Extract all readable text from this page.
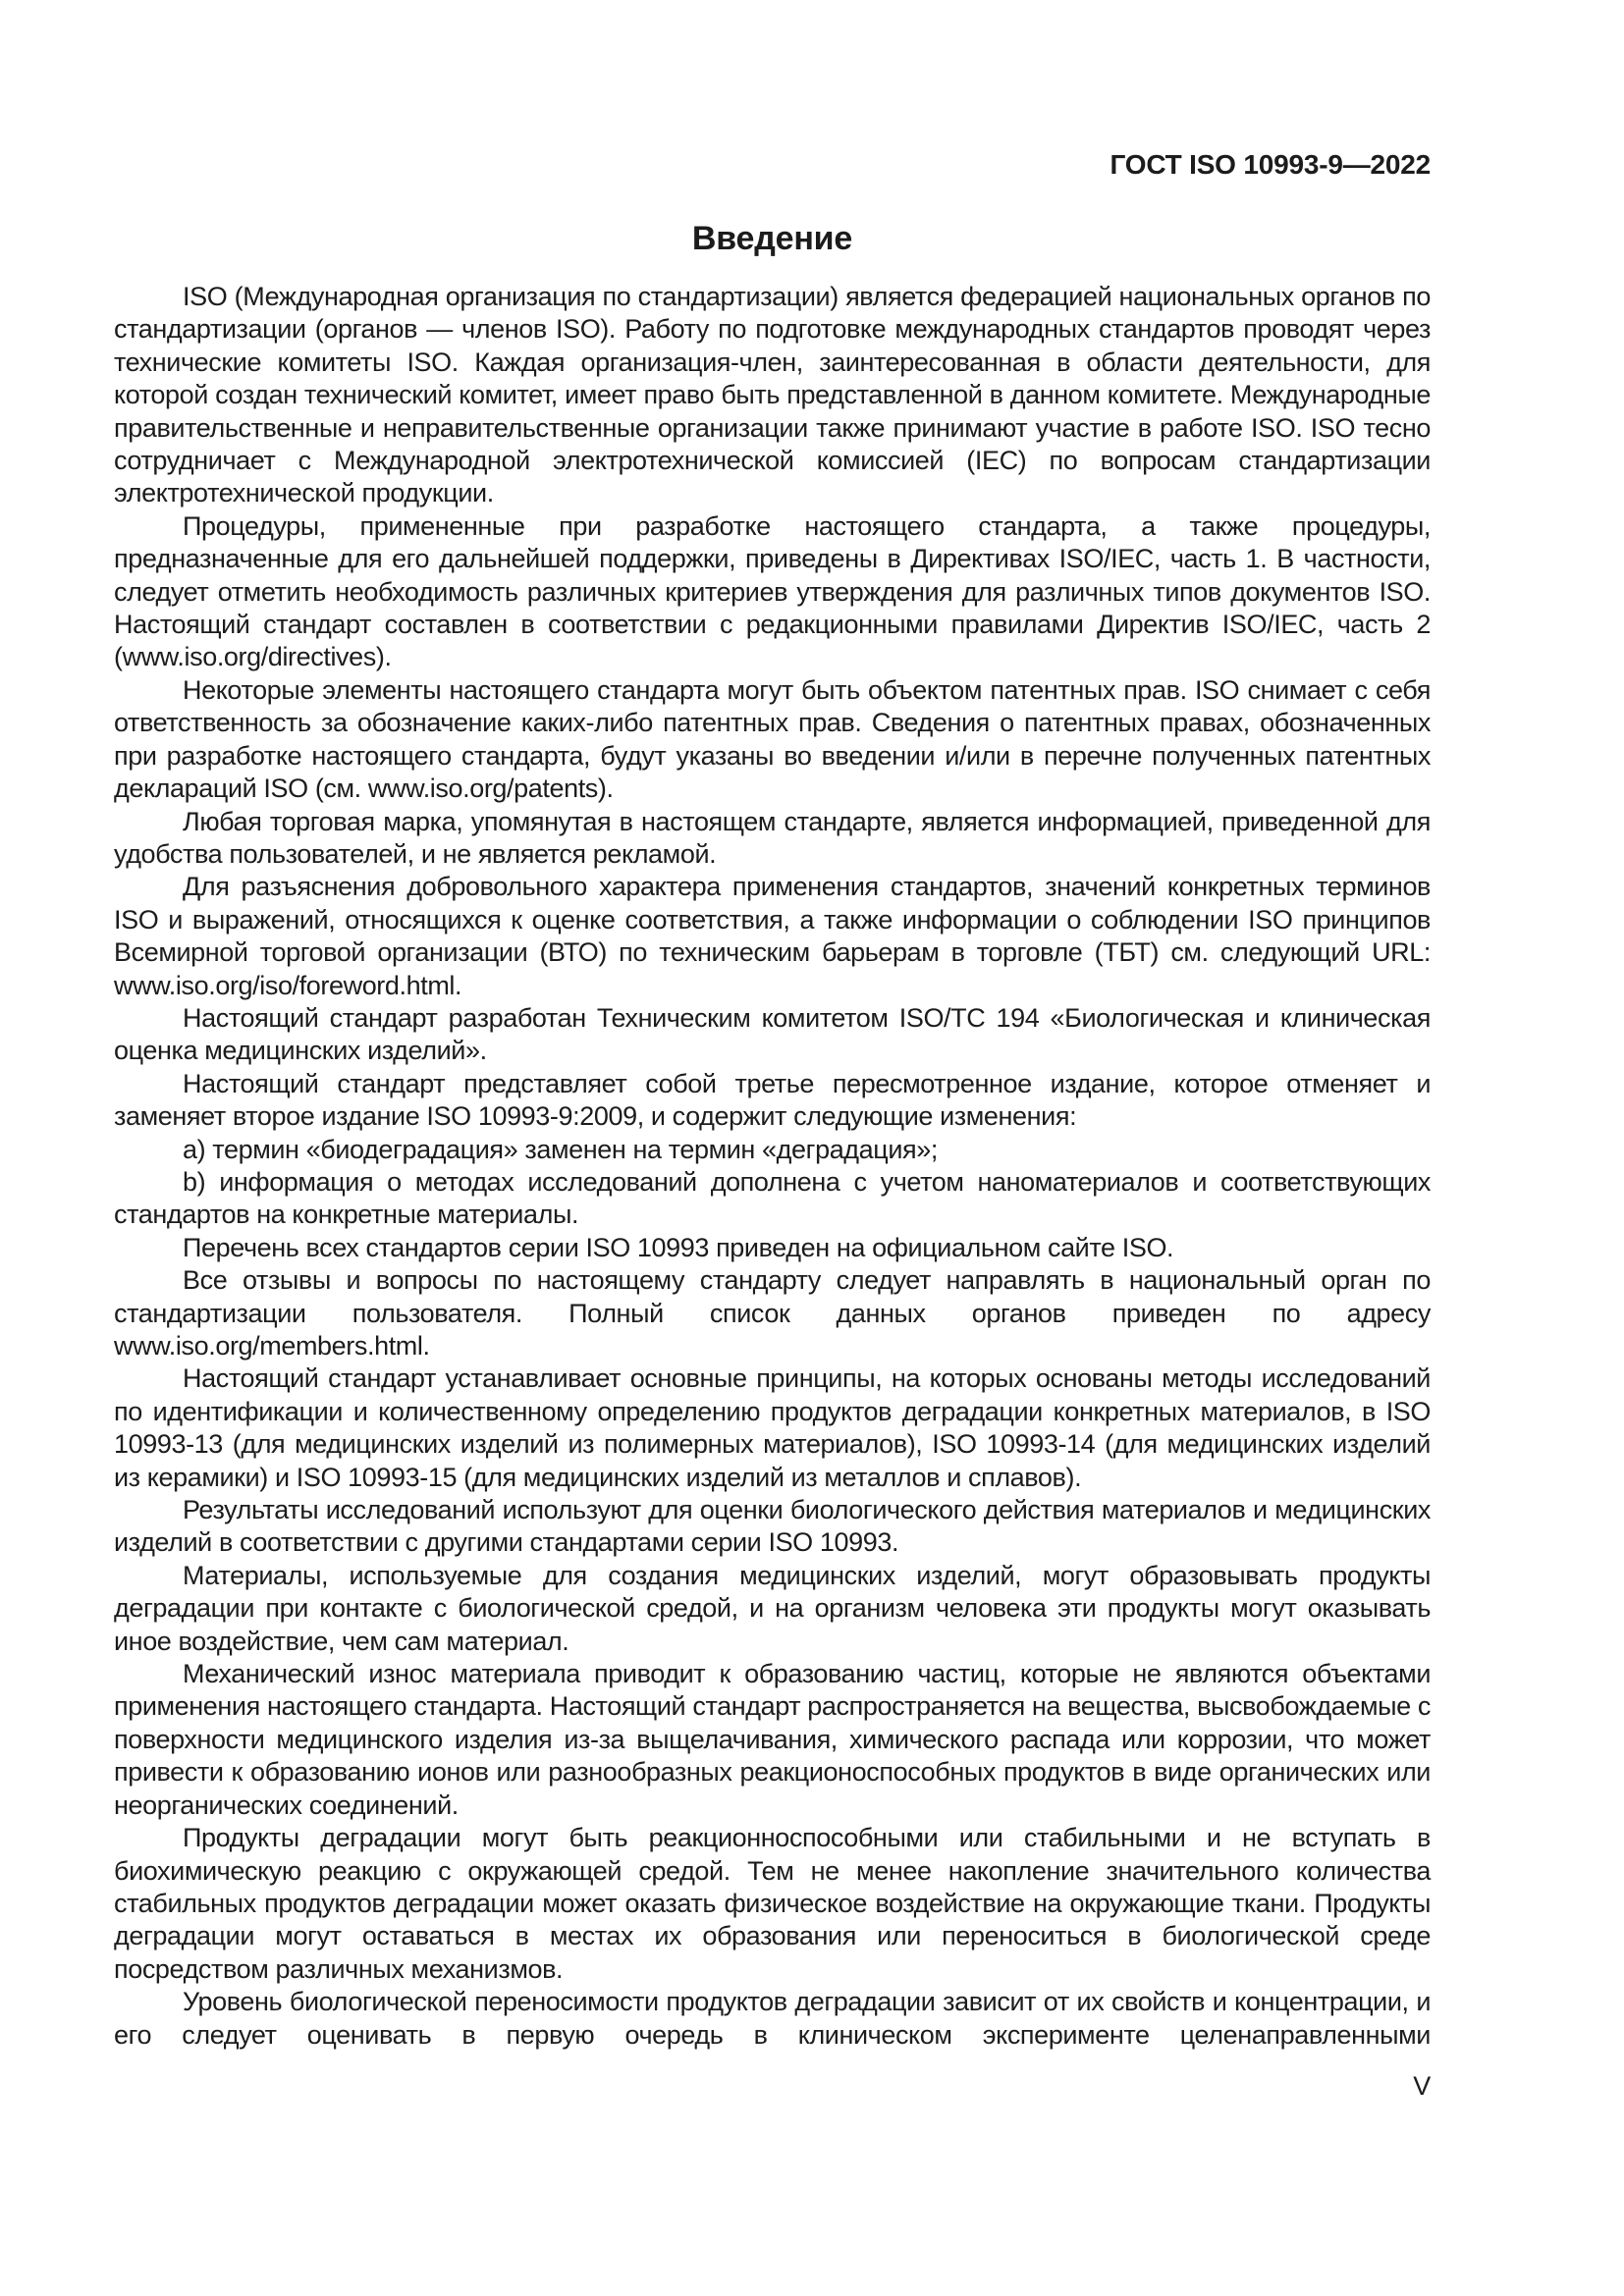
ГОСТ ISO 10993-9—2022
Введение

ISO (Международная организация по стандартизации) является федерацией национальных органов по стандартизации (органов — членов ISO). Работу по подготовке международных стандартов проводят через технические комитеты ISO. Каждая организация-член, заинтересованная в области деятельности, для которой создан технический комитет, имеет право быть представленной в данном комитете. Международные правительственные и неправительственные организации также принимают участие в работе ISO. ISO тесно сотрудничает с Международной электротехнической комиссией (IEC) по вопросам стандартизации электротехнической продукции.

Процедуры, примененные при разработке настоящего стандарта, а также процедуры, предназначенные для его дальнейшей поддержки, приведены в Директивах ISO/IEC, часть 1. В частности, следует отметить необходимость различных критериев утверждения для различных типов документов ISO. Настоящий стандарт составлен в соответствии с редакционными правилами Директив ISO/IEC, часть 2 (www.iso.org/directives).

Некоторые элементы настоящего стандарта могут быть объектом патентных прав. ISO снимает с себя ответственность за обозначение каких-либо патентных прав. Сведения о патентных правах, обозначенных при разработке настоящего стандарта, будут указаны во введении и/или в перечне полученных патентных деклараций ISO (см. www.iso.org/patents).

Любая торговая марка, упомянутая в настоящем стандарте, является информацией, приведенной для удобства пользователей, и не является рекламой.

Для разъяснения добровольного характера применения стандартов, значений конкретных терминов ISO и выражений, относящихся к оценке соответствия, а также информации о соблюдении ISO принципов Всемирной торговой организации (ВТО) по техническим барьерам в торговле (ТБТ) см. следующий URL: www.iso.org/iso/foreword.html.

Настоящий стандарт разработан Техническим комитетом ISO/TC 194 «Биологическая и клиническая оценка медицинских изделий».

Настоящий стандарт представляет собой третье пересмотренное издание, которое отменяет и заменяет второе издание ISO 10993-9:2009, и содержит следующие изменения:

a) термин «биодеградация» заменен на термин «деградация»;

b) информация о методах исследований дополнена с учетом наноматериалов и соответствующих стандартов на конкретные материалы.

Перечень всех стандартов серии ISO 10993 приведен на официальном сайте ISO.

Все отзывы и вопросы по настоящему стандарту следует направлять в национальный орган по стандартизации пользователя. Полный список данных органов приведен по адресу www.iso.org/members.html.

Настоящий стандарт устанавливает основные принципы, на которых основаны методы исследований по идентификации и количественному определению продуктов деградации конкретных материалов, в ISO 10993-13 (для медицинских изделий из полимерных материалов), ISO 10993-14 (для медицинских изделий из керамики) и ISO 10993-15 (для медицинских изделий из металлов и сплавов).

Результаты исследований используют для оценки биологического действия материалов и медицинских изделий в соответствии с другими стандартами серии ISO 10993.

Материалы, используемые для создания медицинских изделий, могут образовывать продукты деградации при контакте с биологической средой, и на организм человека эти продукты могут оказывать иное воздействие, чем сам материал.

Механический износ материала приводит к образованию частиц, которые не являются объектами применения настоящего стандарта. Настоящий стандарт распространяется на вещества, высвобождаемые с поверхности медицинского изделия из-за выщелачивания, химического распада или коррозии, что может привести к образованию ионов или разнообразных реакционоспособных продуктов в виде органических или неорганических соединений.

Продукты деградации могут быть реакционноспособными или стабильными и не вступать в биохимическую реакцию с окружающей средой. Тем не менее накопление значительного количества стабильных продуктов деградации может оказать физическое воздействие на окружающие ткани. Продукты деградации могут оставаться в местах их образования или переноситься в биологической среде посредством различных механизмов.

Уровень биологической переносимости продуктов деградации зависит от их свойств и концентрации, и его следует оценивать в первую очередь в клиническом эксперименте целенаправленными

V
